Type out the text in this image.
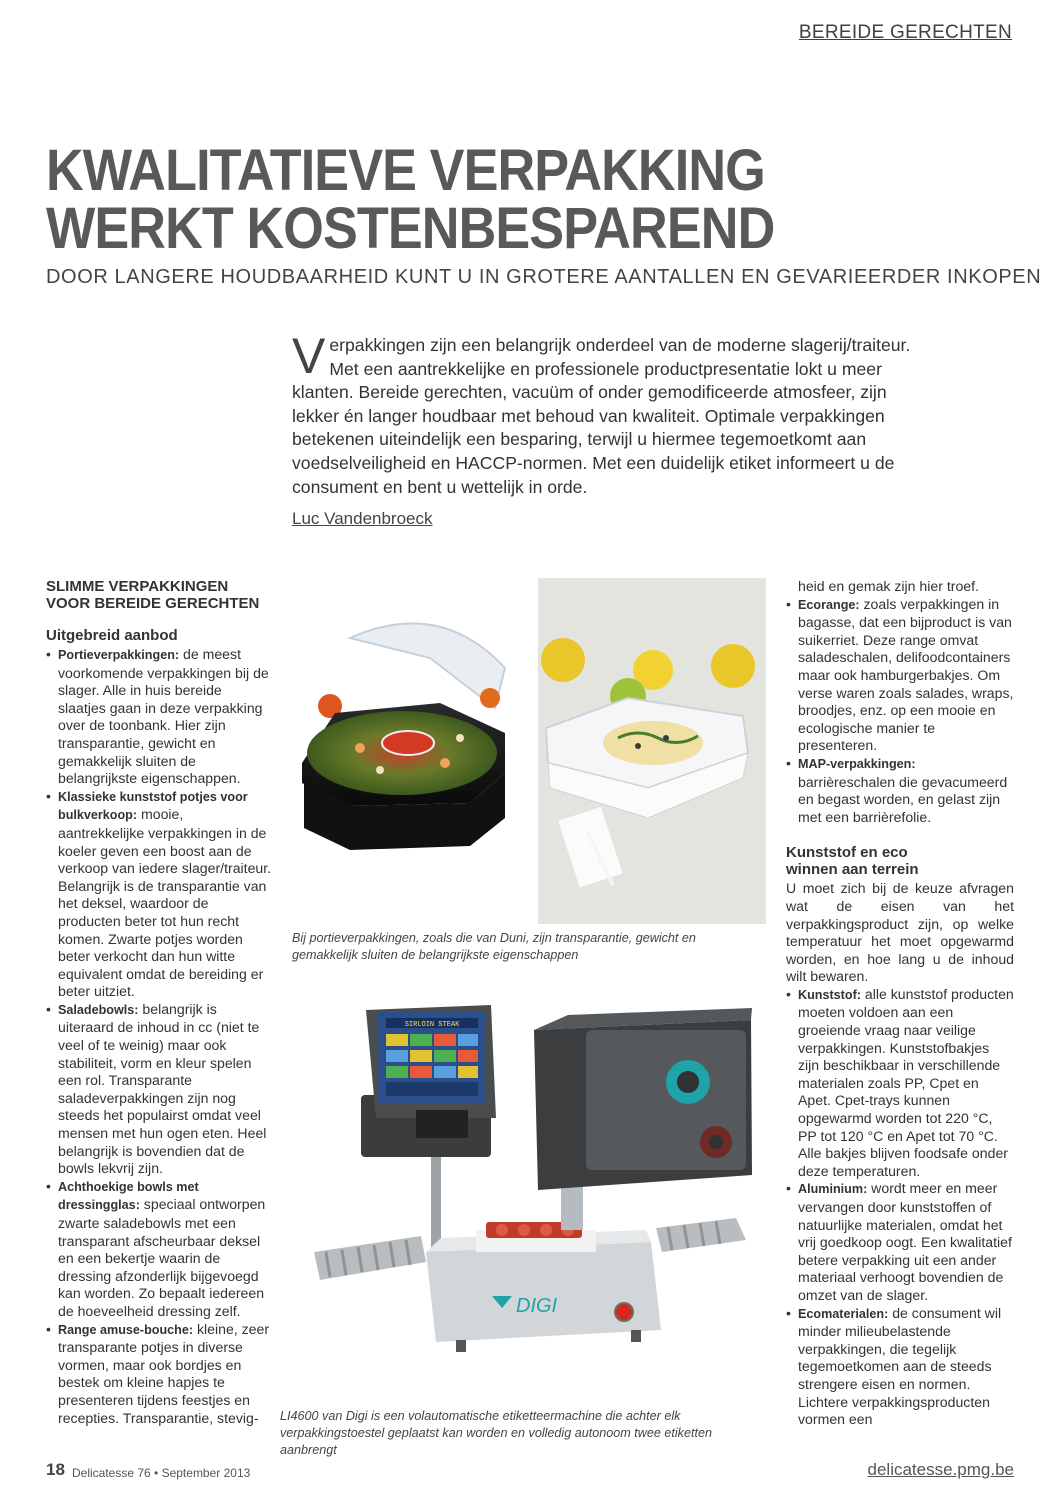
BEREIDE GERECHTEN
KWALITATIEVE VERPAKKING
WERKT KOSTENBESPAREND
DOOR LANGERE HOUDBAARHEID KUNT U IN GROTERE AANTALLEN EN GEVARIEERDER INKOPEN

Verpakkingen zijn een belangrijk onderdeel van de moderne slagerij/traiteur. Met een aantrekkelijke en professionele productpresentatie lokt u meer klanten. Bereide gerechten, vacuüm of onder gemodificeerde atmosfeer, zijn lekker én langer houdbaar met behoud van kwaliteit. Optimale verpakkingen betekenen uiteindelijk een besparing, terwijl u hiermee tegemoetkomt aan voedselveiligheid en HACCP-normen. Met een duidelijk etiket informeert u de consument en bent u wettelijk in orde.

Luc Vandenbroeck
SLIMME VERPAKKINGEN
VOOR BEREIDE GERECHTEN
Uitgebreid aanbod
• Portieverpakkingen: de meest voorkomende verpakkingen bij de slager. Alle in huis bereide slaatjes gaan in deze verpakking over de toonbank. Hier zijn transparantie, gewicht en gemakkelijk sluiten de belangrijkste eigenschappen.
• Klassieke kunststof potjes voor bulkverkoop: mooie, aantrekkelijke verpakkingen in de koeler geven een boost aan de verkoop van iedere slager/traiteur. Belangrijk is de transparantie van het deksel, waardoor de producten beter tot hun recht komen. Zwarte potjes worden beter verkocht dan hun witte equivalent omdat de bereiding er beter uitziet.
• Saladebowls: belangrijk is uiteraard de inhoud in cc (niet te veel of te weinig) maar ook stabiliteit, vorm en kleur spelen een rol. Transparante saladeverpakkingen zijn nog steeds het populairst omdat veel mensen met hun ogen eten. Heel belangrijk is bovendien dat de bowls lekvrij zijn.
• Achthoekige bowls met dressingglas: speciaal ontworpen zwarte saladebowls met een transparant afscheurbaar deksel en een bekertje waarin de dressing afzonderlijk bijgevoegd kan worden. Zo bepaalt iedereen de hoeveelheid dressing zelf.
• Range amuse-bouche: kleine, zeer transparante potjes in diverse vormen, maar ook bordjes en bestek om kleine hapjes te presenteren tijdens feestjes en recepties. Transparantie, stevig-

Bij portieverpakkingen, zoals die van Duni, zijn transparantie, gewicht en gemakkelijk sluiten de belangrijkste eigenschappen

SIRLOIN STEAK
DIGI

LI4600 van Digi is een volautomatische etiketteermachine die achter elk verpakkingstoestel geplaatst kan worden en volledig autonoom twee etiketten aanbrengt

heid en gemak zijn hier troef.
• Ecorange: zoals verpakkingen in bagasse, dat een bijproduct is van suikerriet. Deze range omvat saladeschalen, delifoodcontainers maar ook hamburgerbakjes. Om verse waren zoals salades, wraps, broodjes, enz. op een mooie en ecologische manier te presenteren.
• MAP-verpakkingen: barrièreschalen die gevacumeerd en begast worden, en gelast zijn met een barrièrefolie.
Kunststof en eco
winnen aan terrein

U moet zich bij de keuze afvragen wat de eisen van het verpakkingsproduct zijn, op welke temperatuur het moet opgewarmd worden, en hoe lang u de inhoud wilt bewaren.

• Kunststof: alle kunststof producten moeten voldoen aan een groeiende vraag naar veilige verpakkingen. Kunststofbakjes zijn beschikbaar in verschillende materialen zoals PP, Cpet en Apet. Cpet-trays kunnen opgewarmd worden tot 220 °C, PP tot 120 °C en Apet tot 70 °C. Alle bakjes blijven foodsafe onder deze temperaturen.
• Aluminium: wordt meer en meer vervangen door kunststoffen of natuurlijke materialen, omdat het vrij goedkoop oogt. Een kwalitatief betere verpakking uit een ander materiaal verhoogt bovendien de omzet van de slager.
• Ecomaterialen: de consument wil minder milieubelastende verpakkingen, die tegelijk tegemoetkomen aan de steeds strengere eisen en normen. Lichtere verpakkingsproducten vormen een
18 Delicatesse 76 • September 2013	delicatesse.pmg.be
